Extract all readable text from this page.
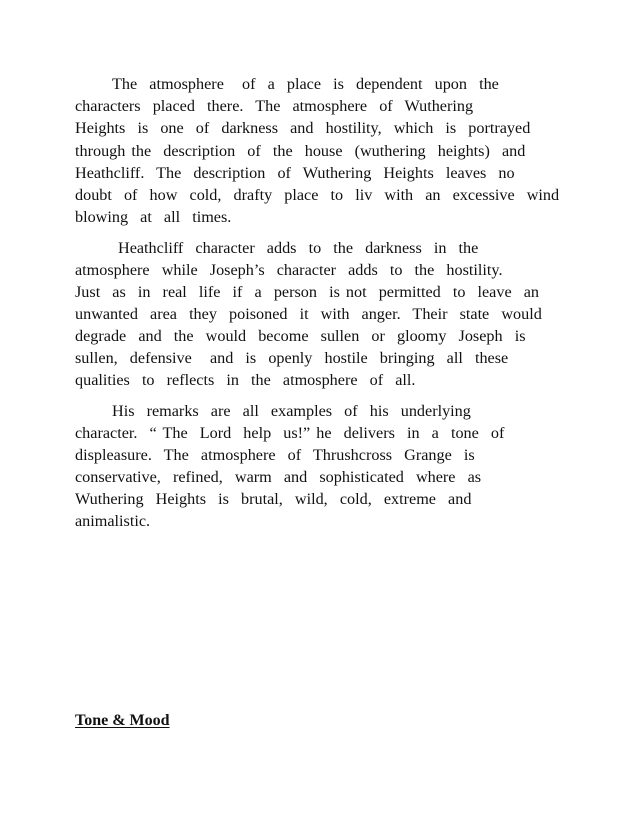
The  atmosphere   of  a  place  is  dependent  upon  the
characters  placed  there.  The  atmosphere  of  Wuthering
Heights  is  one  of  darkness  and  hostility,  which  is  portrayed
through the  description  of  the  house  (wuthering  heights)  and
Heathcliff.  The  description  of  Wuthering  Heights  leaves  no
doubt  of  how  cold,  drafty  place  to  liv  with  an  excessive  wind
blowing  at  all  times.
Heathcliff  character  adds  to  the  darkness  in  the
atmosphere  while  Joseph’s  character  adds  to  the  hostility.
Just  as  in  real  life  if  a  person  is not  permitted  to  leave  an
unwanted  area  they  poisoned  it  with  anger.  Their  state  would
degrade  and  the  would  become  sullen  or  gloomy  Joseph  is
sullen,  defensive   and  is  openly  hostile  bringing  all  these
qualities  to  reflects  in  the  atmosphere  of  all.
His  remarks  are  all  examples  of  his  underlying
character.  “ The  Lord  help  us!” he  delivers  in  a  tone  of
displeasure.  The  atmosphere  of  Thrushcross  Grange  is
conservative,  refined,  warm  and  sophisticated  where  as
Wuthering  Heights  is  brutal,  wild,  cold,  extreme  and
animalistic.
Tone & Mood
